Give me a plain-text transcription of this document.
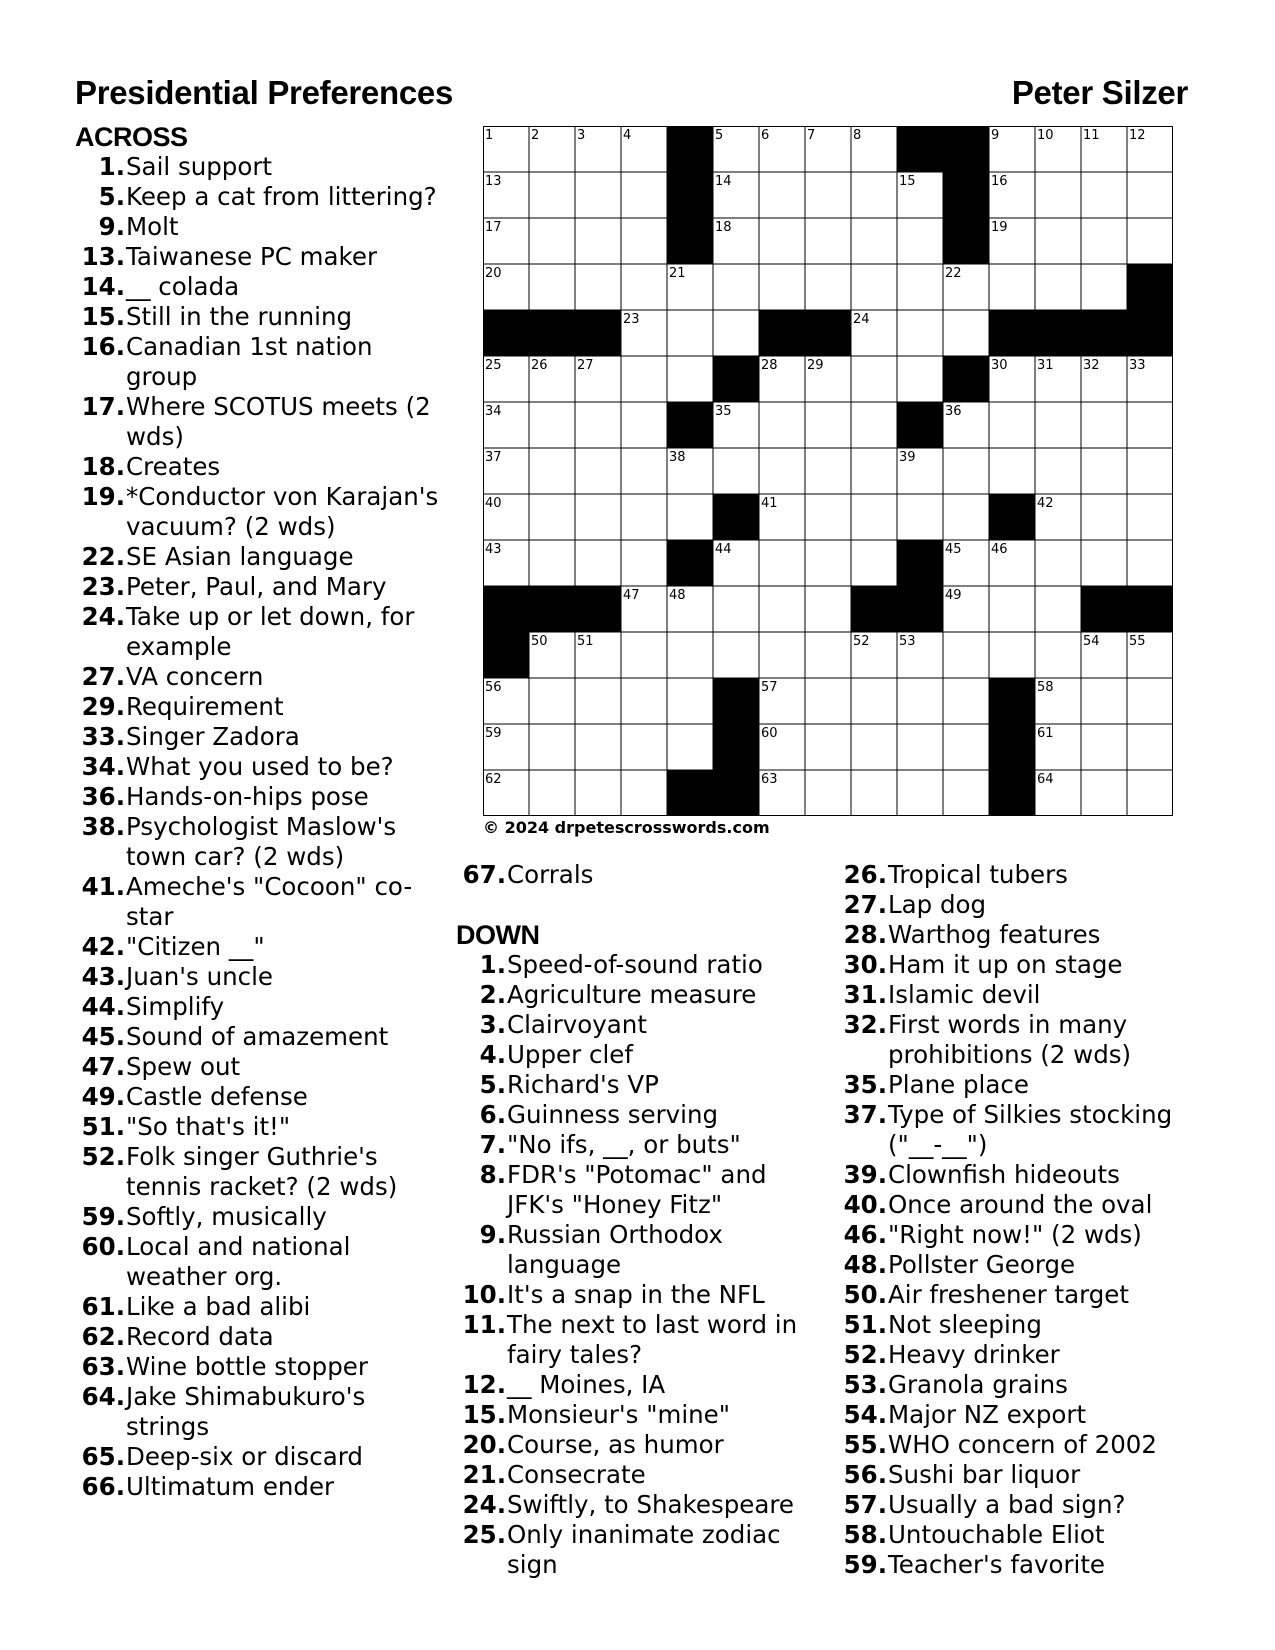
Presidential Preferences	Peter Silzer
ACROSS
1 . Sail support
5 . Keep a cat from littering?
9 . Molt
13 . Taiwanese PC maker
14 . __ colada
15 . Still in the running
16 . Canadian 1st nation group
17 . Where SCOTUS meets (2 wds)
18 . Creates
19 . *Conductor von Karajan's vacuum? (2 wds)
22 . SE Asian language
23 . Peter, Paul, and Mary
24 . Take up or let down, for example
27 . VA concern
29 . Requirement
33 . Singer Zadora
34 . What you used to be?
36 . Hands-on-hips pose
38 . Psychologist Maslow's town car? (2 wds)
41 . Ameche's "Cocoon" co-star
42 . "Citizen __"
43 . Juan's uncle
44 . Simplify
45 . Sound of amazement
47 . Spew out
49 . Castle defense
51 . "So that's it!"
52 . Folk singer Guthrie's tennis racket? (2 wds)
59 . Softly, musically
60 . Local and national weather org.
61 . Like a bad alibi
62 . Record data
63 . Wine bottle stopper
64 . Jake Shimabukuro's strings
65 . Deep-six or discard
66 . Ultimatum ender
67 . Corrals
DOWN
1 . Speed-of-sound ratio
2 . Agriculture measure
3 . Clairvoyant
4 . Upper clef
5 . Richard's VP
6 . Guinness serving
7 . "No ifs, __, or buts"
8 . FDR's "Potomac" and JFK's "Honey Fitz"
9 . Russian Orthodox language
10 . It's a snap in the NFL
11 . The next to last word in fairy tales?
12 . __ Moines, IA
15 . Monsieur's "mine"
20 . Course, as humor
21 . Consecrate
24 . Swiftly, to Shakespeare
25 . Only inanimate zodiac sign
26 . Tropical tubers
27 . Lap dog
28 . Warthog features
30 . Ham it up on stage
31 . Islamic devil
32 . First words in many prohibitions (2 wds)
35 . Plane place
37 . Type of Silkies stocking ("__-__")
39 . Clownfish hideouts
40 . Once around the oval
46 . "Right now!" (2 wds)
48 . Pollster George
50 . Air freshener target
51 . Not sleeping
52 . Heavy drinker
53 . Granola grains
54 . Major NZ export
55 . WHO concern of 2002
56 . Sushi bar liquor
57 . Usually a bad sign?
58 . Untouchable Eliot
59 . Teacher's favorite
1	2	3	4	5	6	7	8	9	10 11 12
13	14	15	16
17	18	19
20	21	22
23	24
25 26 27	28 29	30 31 32 33
34	35	36
37	38	39
40	41	42
43	44	45 46
47 48	49
50 51	52 53	54 55
56	57	58
59	60	61
62	63	64
© 2024 drpetescrosswords.com
